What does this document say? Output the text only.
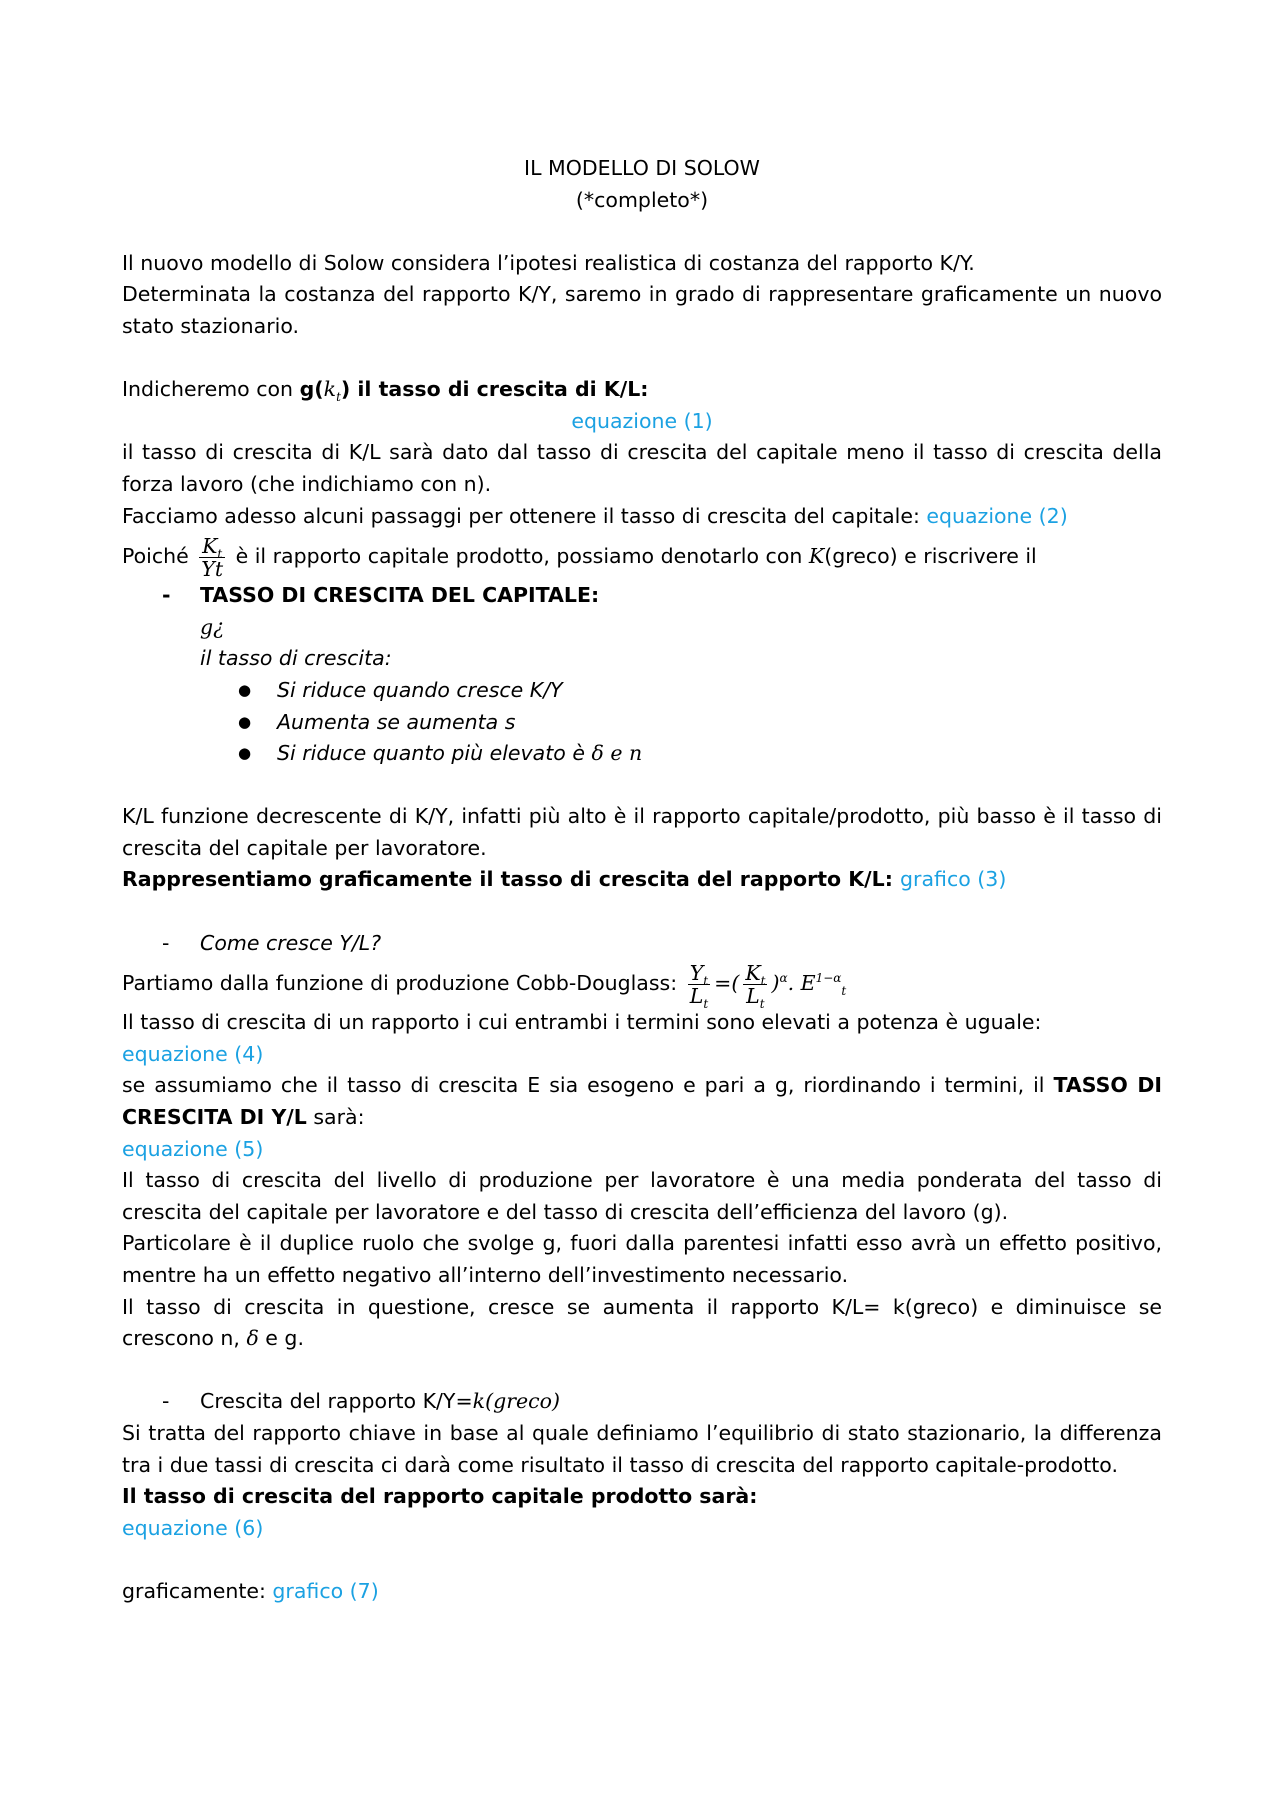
IL MODELLO DI SOLOW

(*completo*)

Il nuovo modello di Solow considera l’ipotesi realistica di costanza del rapporto K/Y.

Determinata la costanza del rapporto K/Y, saremo in grado di rappresentare graficamente un nuovo stato stazionario.

Indicheremo con $g(k_t)$ il tasso di crescita di K/L:

equazione (1)

il tasso di crescita di K/L sarà dato dal tasso di crescita del capitale meno il tasso di crescita della forza lavoro (che indichiamo con n).

Facciamo adesso alcuni passaggi per ottenere il tasso di crescita del capitale: equazione (2)

Poiché $\frac{K_t}{Yt}$ è il rapporto capitale prodotto, possiamo denotarlo con K(greco) e riscrivere il

- TASSO DI CRESCITA DEL CAPITALE:

g¿

il tasso di crescita:

● Si riduce quando cresce K/Y

● Aumenta se aumenta s

● Si riduce quanto più elevato è δ e n

K/L funzione decrescente di K/Y, infatti più alto è il rapporto capitale/prodotto, più basso è il tasso di crescita del capitale per lavoratore.

Rappresentiamo graficamente il tasso di crescita del rapporto K/L: grafico (3)

- Come cresce Y/L?

Partiamo dalla funzione di produzione Cobb-Douglass: $\frac{Y_t}{L_t}$ =( $\frac{K_t}{L_t} )^\alpha$. $E^{1-\alpha}_t$

Il tasso di crescita di un rapporto i cui entrambi i termini sono elevati a potenza è uguale:

equazione (4)

se assumiamo che il tasso di crescita E sia esogeno e pari a g, riordinando i termini, il TASSO DI CRESCITA DI Y/L sarà:

equazione (5)

Il tasso di crescita del livello di produzione per lavoratore è una media ponderata del tasso di crescita del capitale per lavoratore e del tasso di crescita dell’efficienza del lavoro (g).

Particolare è il duplice ruolo che svolge g, fuori dalla parentesi infatti esso avrà un effetto positivo, mentre ha un effetto negativo all’interno dell’investimento necessario.

Il tasso di crescita in questione, cresce se aumenta il rapporto K/L= k(greco) e diminuisce se crescono n, δ e g.

- Crescita del rapporto K/Y=k(greco)

Si tratta del rapporto chiave in base al quale definiamo l’equilibrio di stato stazionario, la differenza tra i due tassi di crescita ci darà come risultato il tasso di crescita del rapporto capitale-prodotto.

Il tasso di crescita del rapporto capitale prodotto sarà:

equazione (6)

graficamente: grafico (7)
